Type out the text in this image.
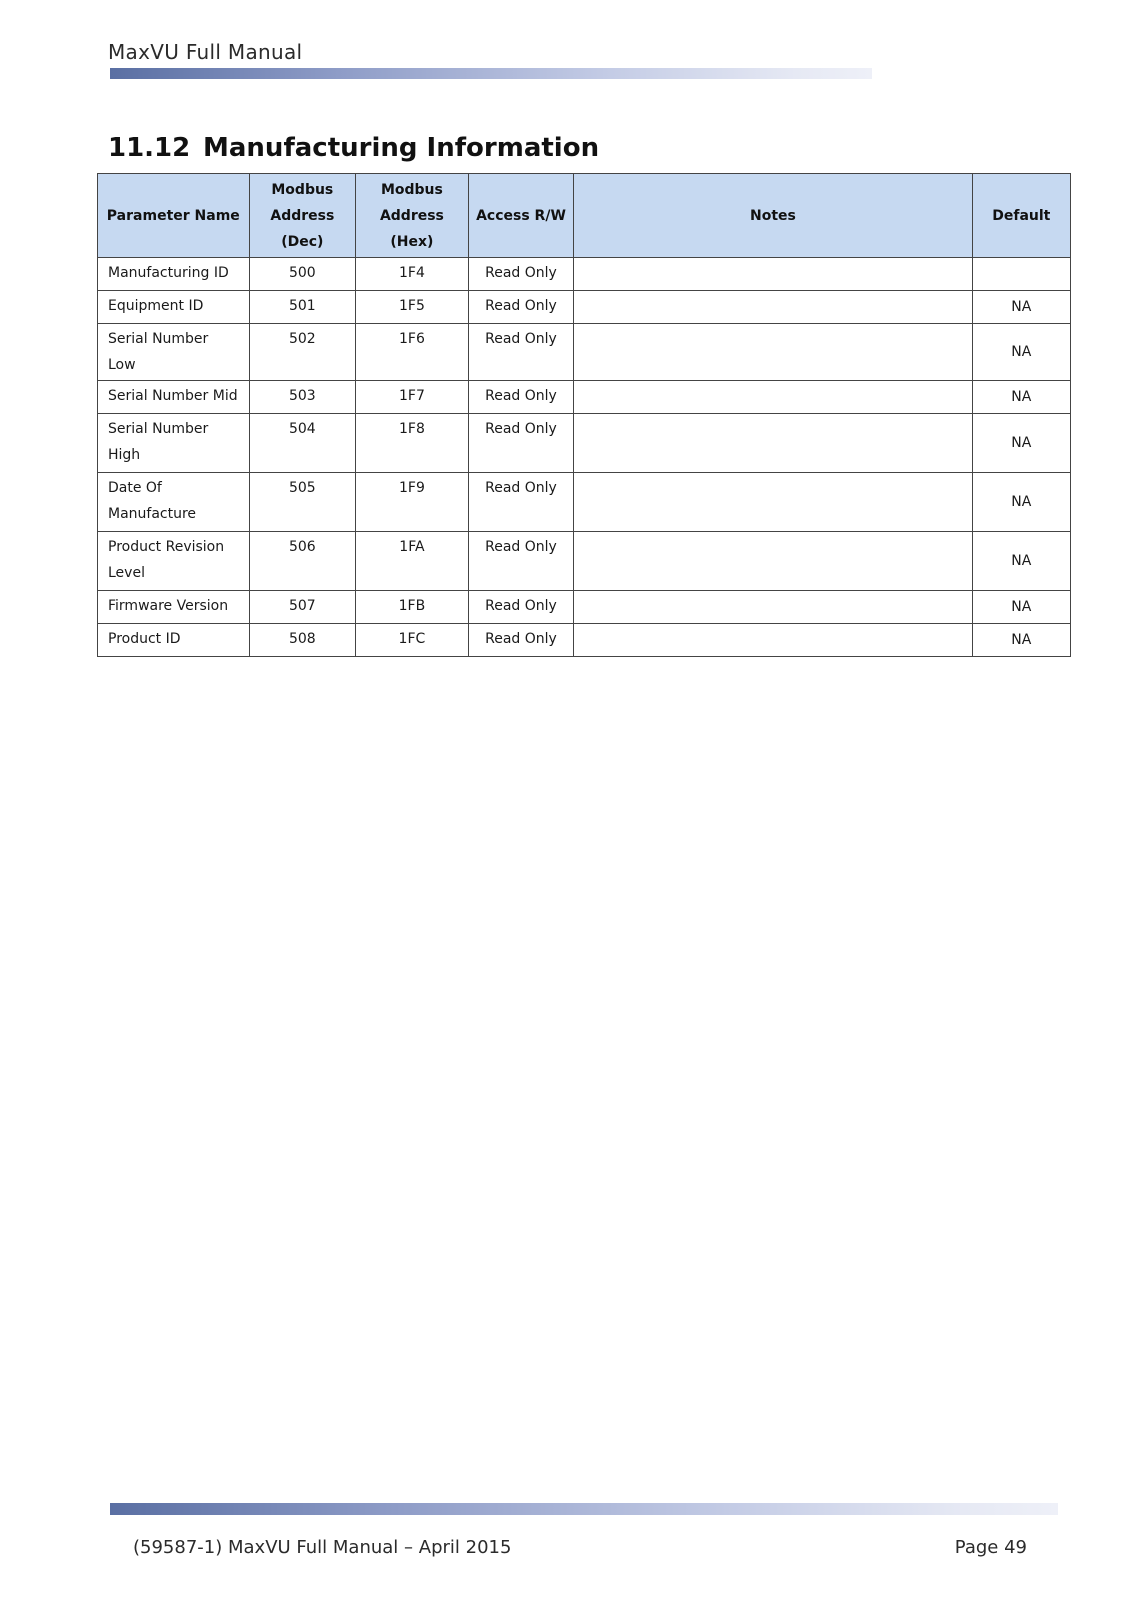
MaxVU Full Manual
11.12 Manufacturing Information
Parameter Name	Modbus Address (Dec)	Modbus Address (Hex)	Access R/W	Notes	Default
Manufacturing ID	500	1F4	Read Only		
Equipment ID	501	1F5	Read Only		NA
Serial Number Low	502	1F6	Read Only		NA
Serial Number Mid	503	1F7	Read Only		NA
Serial Number High	504	1F8	Read Only		NA
Date Of Manufacture	505	1F9	Read Only		NA
Product Revision Level	506	1FA	Read Only		NA
Firmware Version	507	1FB	Read Only		NA
Product ID	508	1FC	Read Only		NA
(59587-1) MaxVU Full Manual – April 2015	Page 49
